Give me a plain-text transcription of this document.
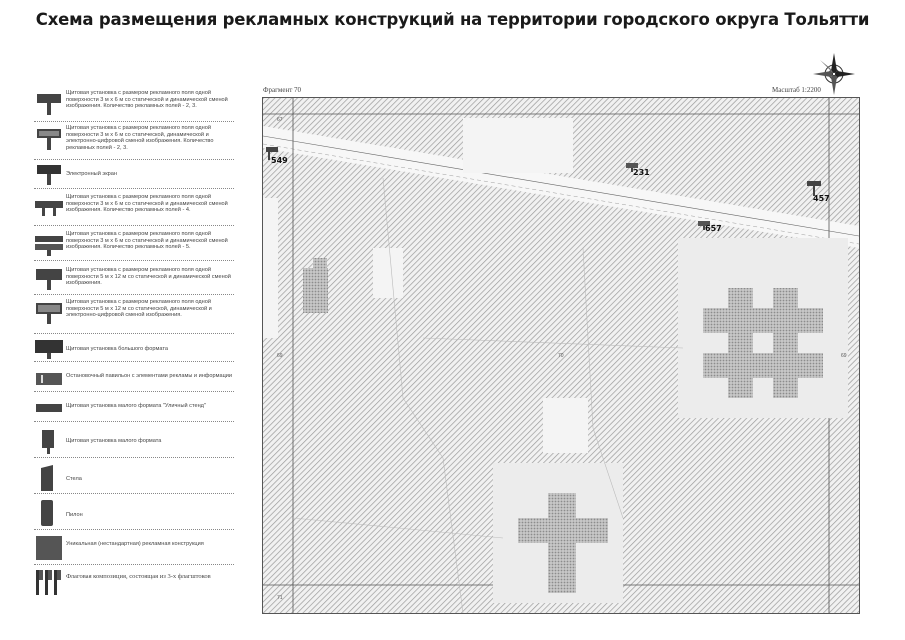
Схема размещения рекламных конструкций на территории городского округа Тольятти
Щитовая установка с размером рекламного поля одной поверхности 3 м х 6 м со статической и динамической сменой изображения. Количество рекламных полей - 2, 3.
Щитовая установка с размером рекламного поля одной поверхности 3 м х 6 м со статической, динамической и электронно-цифровой сменой изображения. Количество рекламных полей - 2, 3.
Электронный экран
Щитовая установка с размером рекламного поля одной поверхности 3 м х 6 м со статической и динамической сменой изображения. Количество рекламных полей - 4.
Щитовая установка с размером рекламного поля одной поверхности 3 м х 6 м со статической и динамической сменой изображения. Количество рекламных полей - 5.
Щитовая установка с размером рекламного поля одной поверхности 5 м х 12 м со статической и динамической сменой изображения.
Щитовая установка с размером рекламного поля одной поверхности 5 м х 12 м со статической, динамической и электронно-цифровой сменой изображения.
Щитовая установка большого формата
Остановочный павильон с элементами рекламы и информации
Щитовая установка малого формата "Уличный стенд"
Щитовая установка малого формата
Стела
Пилон
Уникальная (нестандартная) рекламная конструкция
Флаговая композиция, состоящая из 3-х флагштоков
Фрагмент 70	Масштаб 1:2200
67
69	69
70
71
549
231
457
657
